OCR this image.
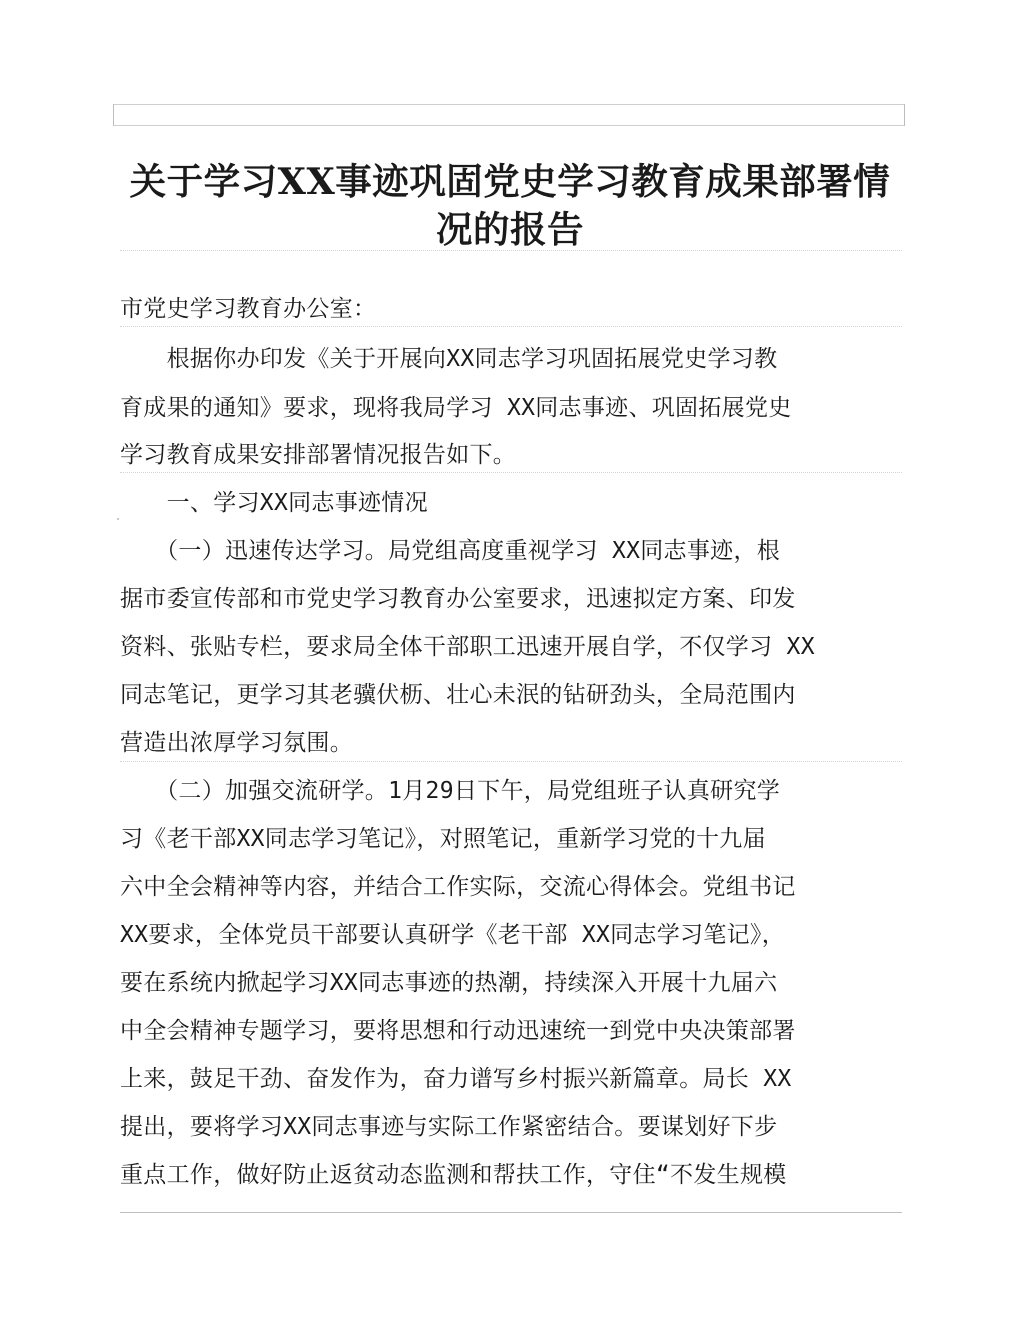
关于学习XX事迹巩固党史学习教育成果部署情
况的报告
市党史学习教育办公室：
　　根据你办印发《关于开展向XX同志学习巩固拓展党史学习教
育成果的通知》要求，现将我局学习 XX同志事迹、巩固拓展党史
学习教育成果安排部署情况报告如下。
　　一、学习XX同志事迹情况
　　（一）迅速传达学习。局党组高度重视学习 XX同志事迹，根
据市委宣传部和市党史学习教育办公室要求，迅速拟定方案、印发
资料、张贴专栏，要求局全体干部职工迅速开展自学，不仅学习 XX
同志笔记，更学习其老骥伏枥、壮心未泯的钻研劲头，全局范围内
营造出浓厚学习氛围。
　　（二）加强交流研学。1月29日下午，局党组班子认真研究学
习《老干部XX同志学习笔记》，对照笔记，重新学习党的十九届
六中全会精神等内容，并结合工作实际，交流心得体会。党组书记
XX要求，全体党员干部要认真研学《老干部 XX同志学习笔记》，
要在系统内掀起学习XX同志事迹的热潮，持续深入开展十九届六
中全会精神专题学习，要将思想和行动迅速统一到党中央决策部署
上来，鼓足干劲、奋发作为，奋力谱写乡村振兴新篇章。局长 XX
提出，要将学习XX同志事迹与实际工作紧密结合。要谋划好下步
重点工作，做好防止返贫动态监测和帮扶工作，守住“不发生规模
